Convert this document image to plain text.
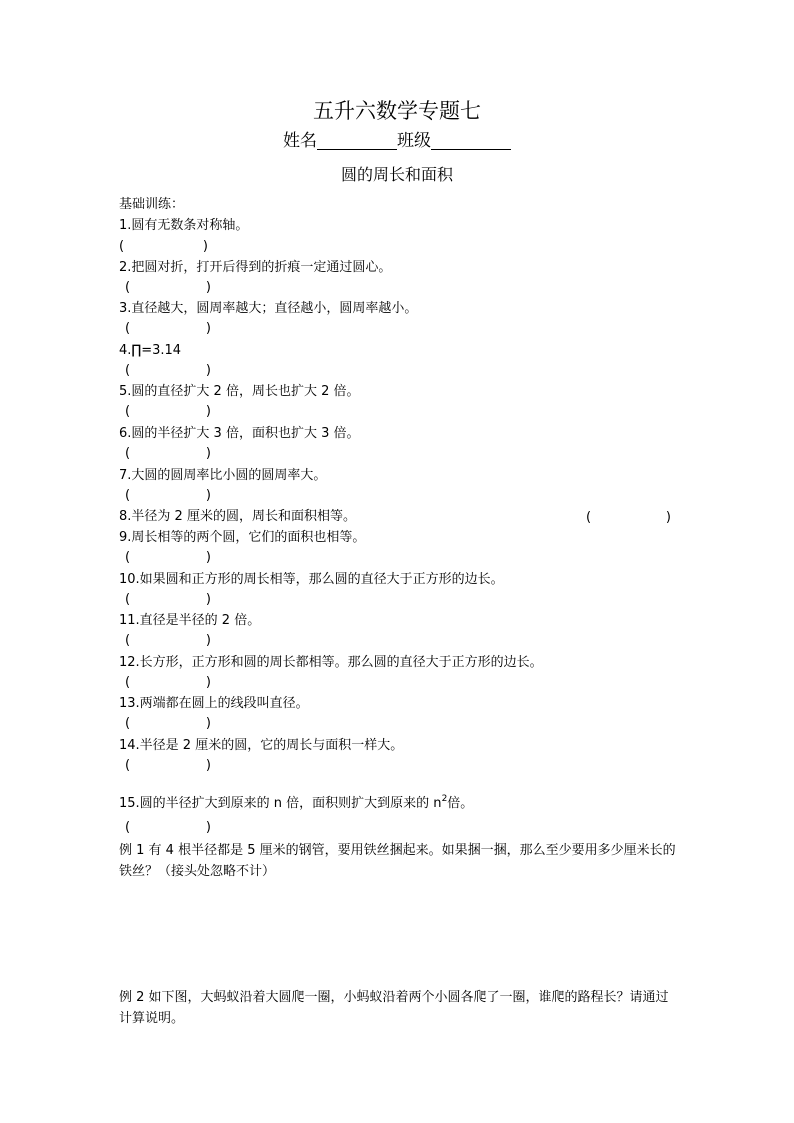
五升六数学专题七
姓名	班级
圆的周长和面积
基础训练：
1.圆有无数条对称轴。
(	)
2.把圆对折，打开后得到的折痕一定通过圆心。
(	)
3.直径越大，圆周率越大；直径越小，圆周率越小。
(	)
4.∏=3.14
(	)
5.圆的直径扩大 2 倍，周长也扩大 2 倍。
(	)
6.圆的半径扩大 3 倍，面积也扩大 3 倍。
(	)
7.大圆的圆周率比小圆的圆周率大。
(	)
8.半径为 2 厘米的圆，周长和面积相等。	(	)
9.周长相等的两个圆，它们的面积也相等。
(	)
10.如果圆和正方形的周长相等，那么圆的直径大于正方形的边长。
(	)
11.直径是半径的 2 倍。
(	)
12.长方形，正方形和圆的周长都相等。那么圆的直径大于正方形的边长。
(	)
13.两端都在圆上的线段叫直径。
(	)
14.半径是 2 厘米的圆，它的周长与面积一样大。
(	)
15.圆的半径扩大到原来的 n 倍，面积则扩大到原来的 $n^2$倍。
(	)
例 1 有 4 根半径都是 5 厘米的钢管，要用铁丝捆起来。如果捆一捆，那么至少要用多少厘米长的铁丝？（接头处忽略不计）
例 2 如下图，大蚂蚁沿着大圆爬一圈，小蚂蚁沿着两个小圆各爬了一圈，谁爬的路程长？请通过计算说明。
